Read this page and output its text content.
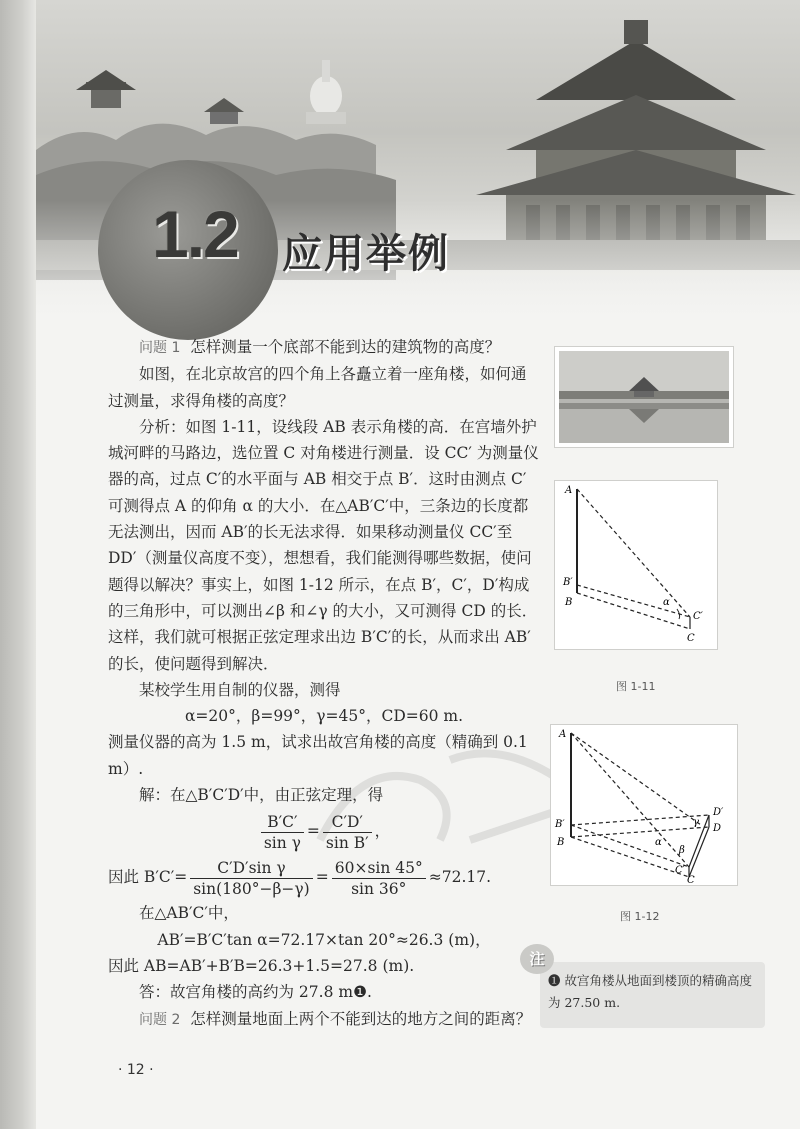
1.2 应用举例

问题 1 怎样测量一个底部不能到达的建筑物的高度？

如图，在北京故宫的四个角上各矗立着一座角楼，如何通过测量，求得角楼的高度？

分析：如图 1-11，设线段 AB 表示角楼的高．在宫墙外护城河畔的马路边，选位置 C 对角楼进行测量．设 CC′ 为测量仪器的高，过点 C′的水平面与 AB 相交于点 B′．这时由测点 C′可测得点 A 的仰角 α 的大小．在△AB′C′中，三条边的长度都无法测出，因而 AB′的长无法求得．如果移动测量仪 CC′至 DD′（测量仪高度不变），想想看，我们能测得哪些数据，使问题得以解决？事实上，如图 1-12 所示，在点 B′，C′，D′构成的三角形中，可以测出∠β 和∠γ 的大小，又可测得 CD 的长．这样，我们就可根据正弦定理求出边 B′C′的长，从而求出 AB′的长，使问题得到解决．

某校学生用自制的仪器，测得

α=20°，β=99°，γ=45°，CD=60 m.

测量仪器的高为 1.5 m，试求出故宫角楼的高度（精确到 0.1 m）.

解：在△B′C′D′中，由正弦定理，得

$\frac{B'C'}{\text{sin γ}} = \frac{C'D'}{\text{sin B′}}$ ，

因此 $B'C'= \frac{\text{C′D′sin γ}}{\sin(180^\circ-\beta-\gamma)} = \frac{60\times\sin 45^\circ}{\sin 36^\circ} \approx 72.17$.

在△AB′C′中，

AB′=B′C′tan α=72.17×tan 20°≈26.3 (m)，

因此 AB=AB′+B′B=26.3+1.5=27.8 (m).

答：故宫角楼的高约为 27.8 m❶.

问题 2 怎样测量地面上两个不能到达的地方之间的距离？

A
B′
B	α
C′
C
图 1-11
A
B′
B	α
β
γ
C′
C
D′
D
图 1-12
注
❶ 故宫角楼从地面到楼顶的精确高度为 27.50 m.
· 12 ·
